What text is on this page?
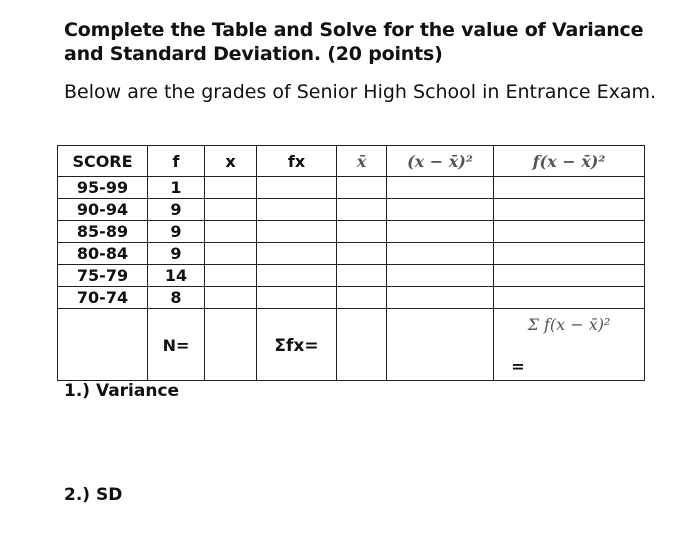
Complete the Table and Solve for the value of Variance and Standard Deviation. (20 points)
Below are the grades of Senior High School in Entrance Exam.
SCORE	f	x	fx	x̄	(x − x̄)²	f(x − x̄)²
95-99	1					
90-94	9					
85-89	9					
80-84	9					
75-79	14					
70-74	8					

	N=		Σfx=			Σ f(x − x̄)²
=
1.) Variance
2.) SD
